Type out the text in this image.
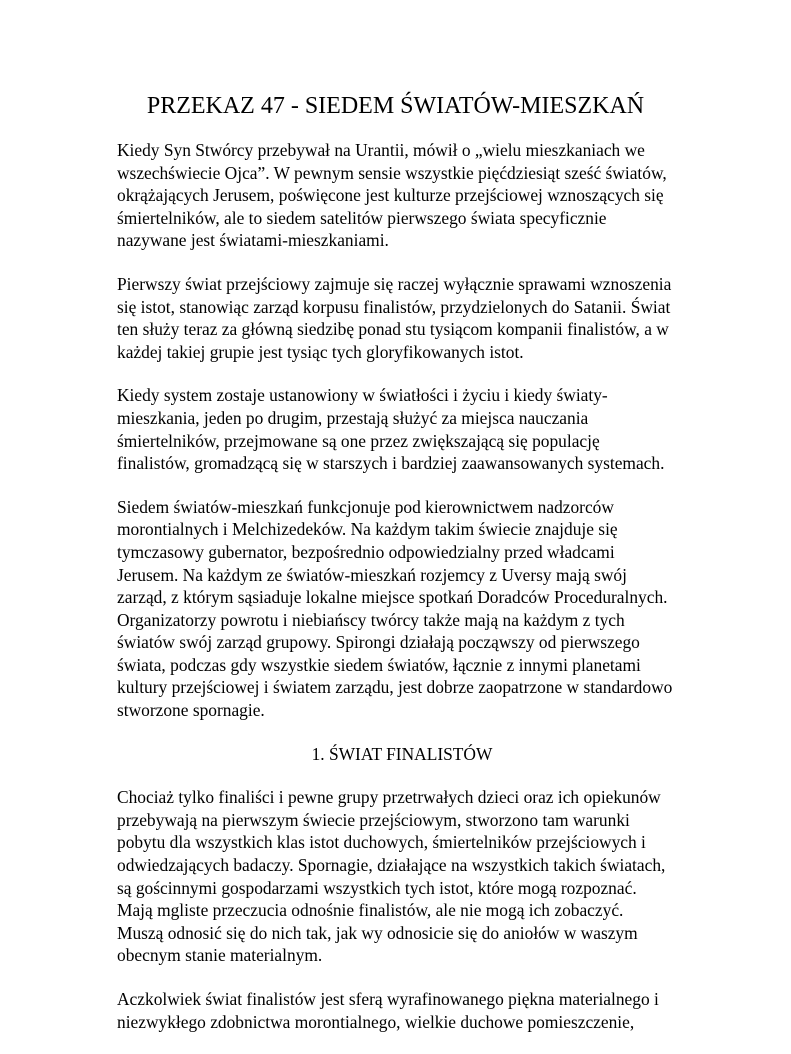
PRZEKAZ 47 - SIEDEM ŚWIATÓW-MIESZKAŃ

Kiedy Syn Stwórcy przebywał na Urantii, mówił o „wielu mieszkaniach we
wszechświecie Ojca”. W pewnym sensie wszystkie pięćdziesiąt sześć światów,
okrążających Jerusem, poświęcone jest kulturze przejściowej wznoszących się
śmiertelników, ale to siedem satelitów pierwszego świata specyficznie
nazywane jest światami-mieszkaniami.

Pierwszy świat przejściowy zajmuje się raczej wyłącznie sprawami wznoszenia
się istot, stanowiąc zarząd korpusu finalistów, przydzielonych do Satanii. Świat
ten służy teraz za główną siedzibę ponad stu tysiącom kompanii finalistów, a w
każdej takiej grupie jest tysiąc tych gloryfikowanych istot.

Kiedy system zostaje ustanowiony w światłości i życiu i kiedy światy-
mieszkania, jeden po drugim, przestają służyć za miejsca nauczania
śmiertelników, przejmowane są one przez zwiększającą się populację
finalistów, gromadzącą się w starszych i bardziej zaawansowanych systemach.

Siedem światów-mieszkań funkcjonuje pod kierownictwem nadzorców
morontialnych i Melchizedeków. Na każdym takim świecie znajduje się
tymczasowy gubernator, bezpośrednio odpowiedzialny przed władcami
Jerusem. Na każdym ze światów-mieszkań rozjemcy z Uversy mają swój
zarząd, z którym sąsiaduje lokalne miejsce spotkań Doradców Proceduralnych.
Organizatorzy powrotu i niebiańscy twórcy także mają na każdym z tych
światów swój zarząd grupowy. Spirongi działają począwszy od pierwszego
świata, podczas gdy wszystkie siedem światów, łącznie z innymi planetami
kultury przejściowej i światem zarządu, jest dobrze zaopatrzone w standardowo
stworzone spornagie.

1. ŚWIAT FINALISTÓW

Chociaż tylko finaliści i pewne grupy przetrwałych dzieci oraz ich opiekunów
przebywają na pierwszym świecie przejściowym, stworzono tam warunki
pobytu dla wszystkich klas istot duchowych, śmiertelników przejściowych i
odwiedzających badaczy. Spornagie, działające na wszystkich takich światach,
są gościnnymi gospodarzami wszystkich tych istot, które mogą rozpoznać.
Mają mgliste przeczucia odnośnie finalistów, ale nie mogą ich zobaczyć.
Muszą odnosić się do nich tak, jak wy odnosicie się do aniołów w waszym
obecnym stanie materialnym.

Aczkolwiek świat finalistów jest sferą wyrafinowanego piękna materialnego i
niezwykłego zdobnictwa morontialnego, wielkie duchowe pomieszczenie,
